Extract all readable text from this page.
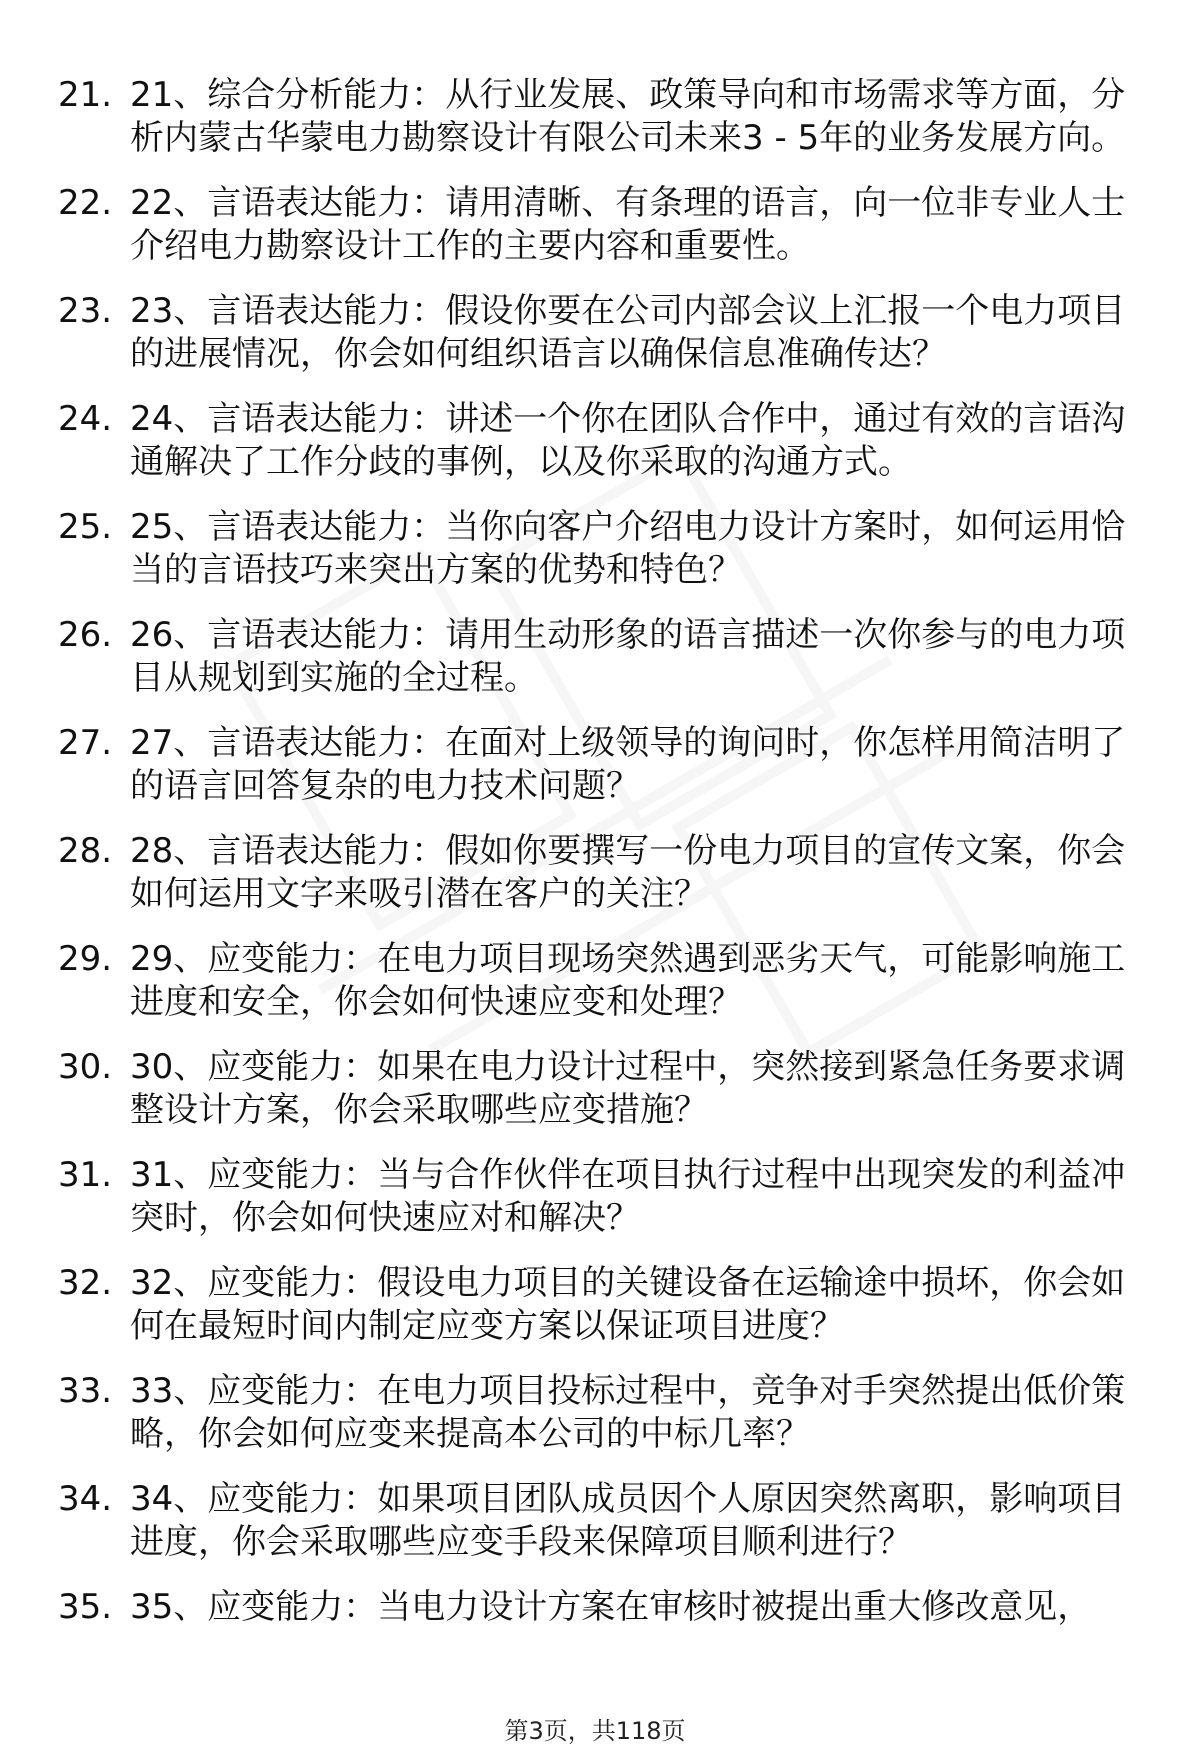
21. 21、综合分析能力：从行业发展、政策导向和市场需求等方面，分析内蒙古华蒙电力勘察设计有限公司未来3 - 5年的业务发展方向。
22. 22、言语表达能力：请用清晰、有条理的语言，向一位非专业人士介绍电力勘察设计工作的主要内容和重要性。
23. 23、言语表达能力：假设你要在公司内部会议上汇报一个电力项目的进展情况，你会如何组织语言以确保信息准确传达？
24. 24、言语表达能力：讲述一个你在团队合作中，通过有效的言语沟通解决了工作分歧的事例，以及你采取的沟通方式。
25. 25、言语表达能力：当你向客户介绍电力设计方案时，如何运用恰当的言语技巧来突出方案的优势和特色？
26. 26、言语表达能力：请用生动形象的语言描述一次你参与的电力项目从规划到实施的全过程。
27. 27、言语表达能力：在面对上级领导的询问时，你怎样用简洁明了的语言回答复杂的电力技术问题？
28. 28、言语表达能力：假如你要撰写一份电力项目的宣传文案，你会如何运用文字来吸引潜在客户的关注？
29. 29、应变能力：在电力项目现场突然遇到恶劣天气，可能影响施工进度和安全，你会如何快速应变和处理？
30. 30、应变能力：如果在电力设计过程中，突然接到紧急任务要求调整设计方案，你会采取哪些应变措施？
31. 31、应变能力：当与合作伙伴在项目执行过程中出现突发的利益冲突时，你会如何快速应对和解决？
32. 32、应变能力：假设电力项目的关键设备在运输途中损坏，你会如何在最短时间内制定应变方案以保证项目进度？
33. 33、应变能力：在电力项目投标过程中，竞争对手突然提出低价策略，你会如何应变来提高本公司的中标几率？
34. 34、应变能力：如果项目团队成员因个人原因突然离职，影响项目进度，你会采取哪些应变手段来保障项目顺利进行？
35. 35、应变能力：当电力设计方案在审核时被提出重大修改意见，
第3页，共118页
